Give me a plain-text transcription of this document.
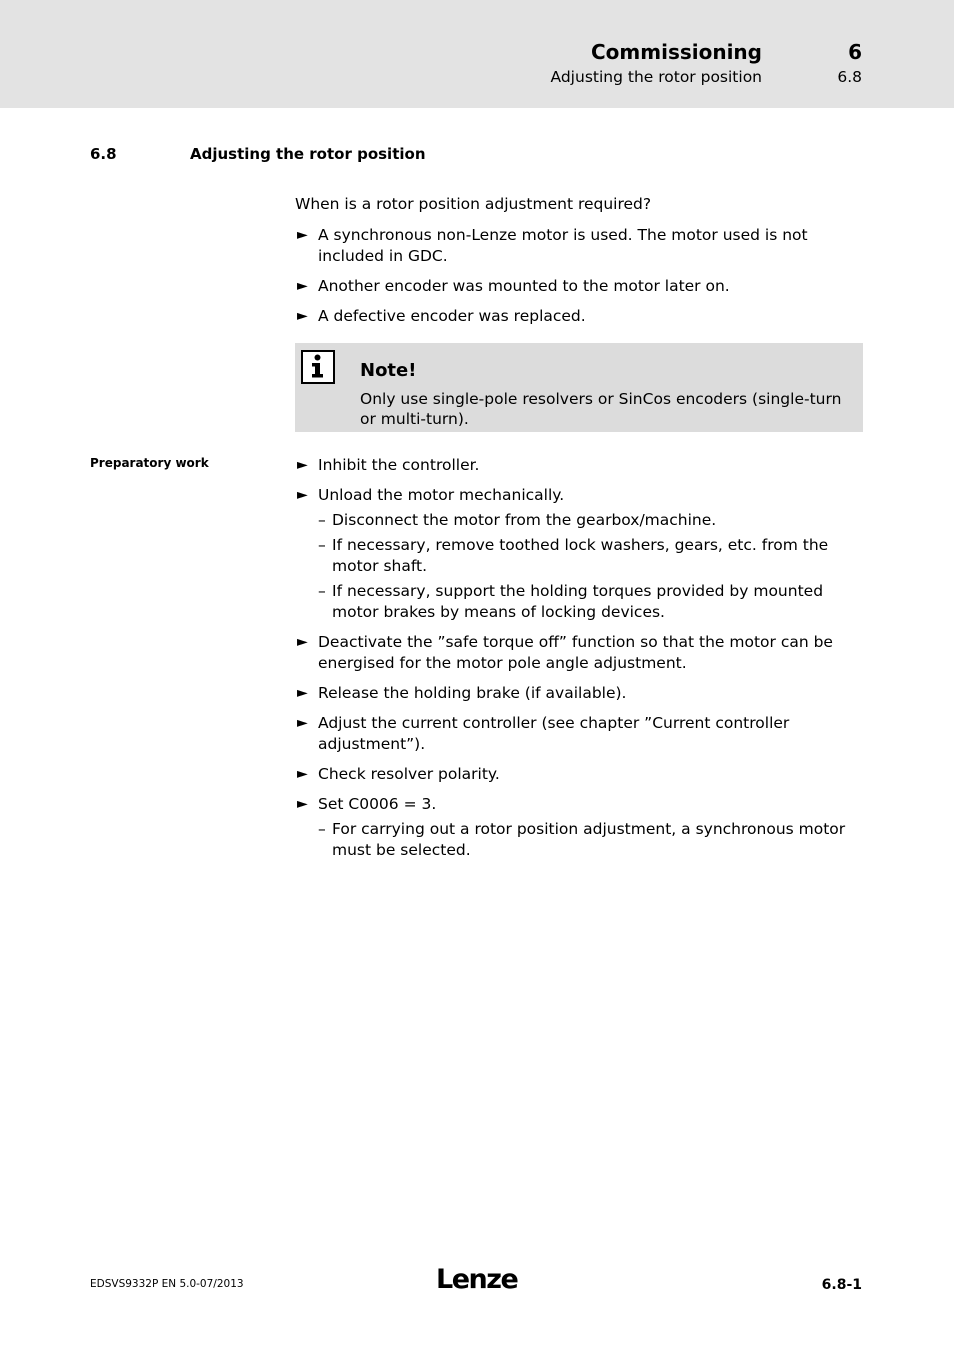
Commissioning	6
Adjusting the rotor position	6.8
6.8	Adjusting the rotor position
When is a rotor position adjustment required?
► A synchronous non-Lenze motor is used. The motor used is not included in GDC.
► Another encoder was mounted to the motor later on.
► A defective encoder was replaced.
Note!
Only use single-pole resolvers or SinCos encoders (single-turn or multi-turn).
Preparatory work	► Inhibit the controller.
► Unload the motor mechanically.
– Disconnect the motor from the gearbox/machine.
– If necessary, remove toothed lock washers, gears, etc. from the motor shaft.
– If necessary, support the holding torques provided by mounted motor brakes by means of locking devices.
► Deactivate the ”safe torque off” function so that the motor can be energised for the motor pole angle adjustment.
► Release the holding brake (if available).
► Adjust the current controller (see chapter ”Current controller adjustment”).
► Check resolver polarity.
► Set C0006 = 3.
– For carrying out a rotor position adjustment, a synchronous motor must be selected.
EDSVS9332P EN 5.0-07/2013	Lenze	6.8-1
